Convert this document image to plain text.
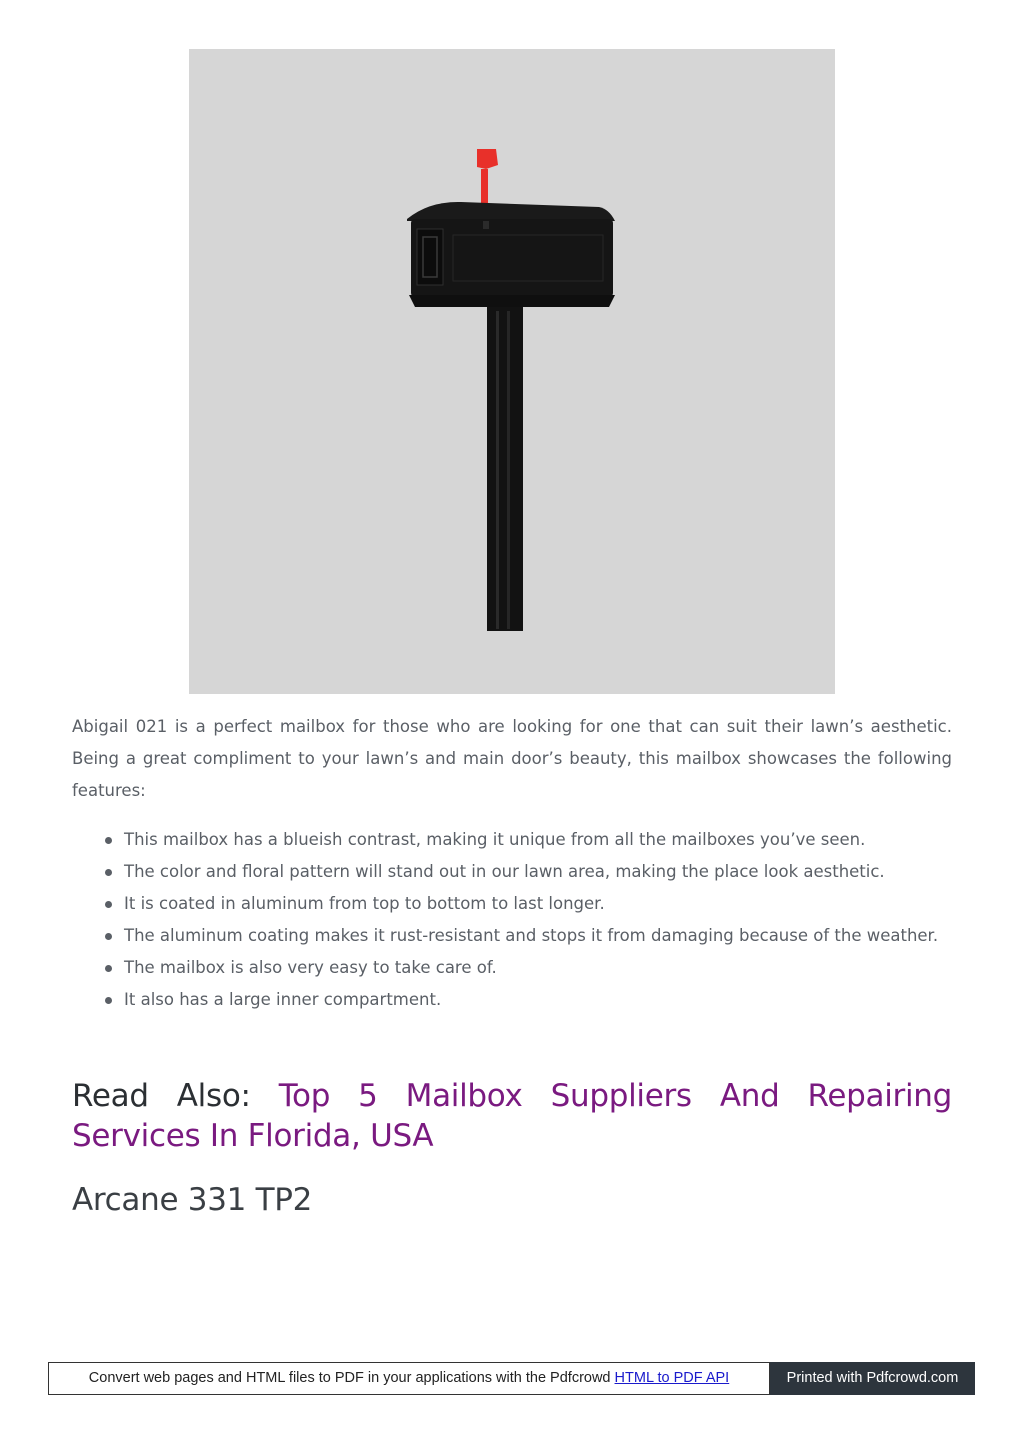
Abigail 021 is a perfect mailbox for those who are looking for one that can suit their lawn’s aesthetic. Being a great compliment to your lawn’s and main door’s beauty, this mailbox showcases the following features:

This mailbox has a blueish contrast, making it unique from all the mailboxes you’ve seen.
The color and floral pattern will stand out in our lawn area, making the place look aesthetic.
It is coated in aluminum from top to bottom to last longer.
The aluminum coating makes it rust-resistant and stops it from damaging because of the weather.
The mailbox is also very easy to take care of.
It also has a large inner compartment.
Read Also: Top 5 Mailbox Suppliers And Repairing Services In Florida, USA
Arcane 331 TP2
Convert web pages and HTML files to PDF in your applications with the Pdfcrowd HTML to PDF API	Printed with Pdfcrowd.com
